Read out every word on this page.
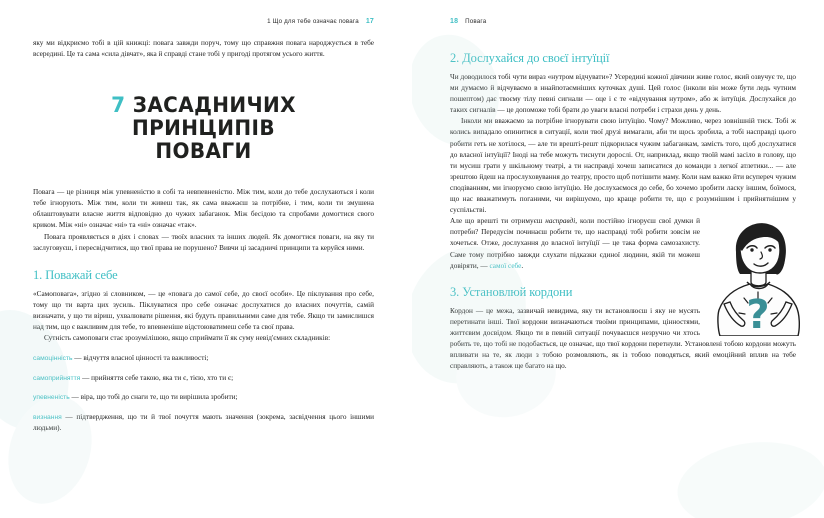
1 Що для тебе означає повага 17

яку ми відкриємо тобі в цій книжці: повага завжди поруч, тому що справжня повага народжується в тебе всередині. Це та сама «сила дівчат», яка й справді стане тобі у пригоді протягом усього життя.

7 ЗАСАДНИЧИХ ПРИНЦИПІВ
ПОВАГИ

Повага — це різниця між упевненістю в собі та невпевненістю. Між тим, коли до тебе дослухаються і коли тебе ігнорують. Між тим, коли ти живеш так, як сама вважаєш за потрібне, і тим, коли ти змушена облаштовувати власне життя відповідно до чужих забаганок. Між бесідою та спробами домогтися свого криком. Між «ні» означає «ні» та «ні» означає «так».

Повага проявляється в діях і словах — твоїх власних та інших людей. Як домогтися поваги, на яку ти заслуговуєш, і пересвідчитися, що твої права не порушено? Вивчи ці засадничі принципи та керуйся ними.

1. Поважай себе

«Самоповага», згідно зі словником, — це «повага до самої себе, до своєї особи». Це піклування про себе, тому що ти варта цих зусиль. Піклуватися про себе означає дослухатися до власних почуттів, самій визначати, у що ти віриш, ухвалювати рішення, які будуть правильними саме для тебе. Якщо ти замислишся над тим, що є важливим для тебе, то впевненіше відстоюватимеш себе та свої права.

Сутність самоповаги стає зрозумілішою, якщо сприймати її як суму невід'ємних складників:

самоцінність — відчуття власної цінності та важливості;

самоприйняття — прийняття себе такою, яка ти є, тією, хто ти є;

упевненість — віра, що тобі до снаги те, що ти вирішила зробити;

визнання — підтвердження, що ти й твої почуття мають значення (зокрема, засвідчення цього іншими людьми).

18 Повага
2. Дослухайся до своєї інтуїції

Чи доводилося тобі чути вираз «нутром відчувати»? Усередині кожної дівчини живе голос, який озвучує те, що ми думаємо й відчуваємо в ннайпотаємніших куточках душі. Цей голос (інколи він може бути ледь чутним пошептом) дає твоєму тілу певні сигнали — оце і є те «відчування нутром», або ж інтуїція. Дослухайся до таких сигналів — це допоможе тобі брати до уваги власні потреби і страхи день у день.

Інколи ми вважаємо за потрібне ігнорувати свою інтуїцію. Чому? Можливо, через зовнішній тиск. Тобі ж колись випадало опинитися в ситуації, коли твої друзі вимагали, аби ти щось зробила, а тобі насправді цього робити геть не хотілося, — але ти врешті-решт підкорилася чужим забаганкам, замість того, щоб дослухатися до власної інтуїції? Іноді на тебе можуть тиснути дорослі. От, наприклад, якщо твоїй мамі засіло в голову, що ти мусиш грати у шкільному театрі, а ти насправді хочеш записатися до команди з легкої атлетики... — але зрештою йдеш на прослуховування до театру, просто щоб потішити маму. Коли нам важко йти всупереч чужим сподіванням, ми ігноруємо свою інтуїцію. Не дослухаємося до себе, бо хочемо зробити ласку іншим, боїмося, що нас вважатимуть поганими, чи вирішуємо, що краще робити те, що є розумнішим і прийнятнішим у суспільстві.

?

Але що врешті ти отримуєш насправді, коли постійно ігноруєш свої думки й потреби? Передусім починаєш робити те, що насправді тобі робити зовсім не хочеться. Отже, дослухання до власної інтуїції — це така форма самозахисту. Саме тому потрібно завжди слухати підказки єдиної людини, якій ти можеш довіряти, — самої себе.

3. Установлюй кордони

Кордон — це межа, зазвичай невидима, яку ти встановлюєш і яку не мусять перетинати інші. Твої кордони визначаються твоїми принципами, цінностями, життєвим досвідом. Якщо ти в певній ситуації почуваєшся незручно чи хтось робить те, що тобі не подобається, це означає, що твої кордони перетнули. Установлені тобою кордони можуть впливати на те, як люди з тобою розмовляють, як із тобою поводяться, який емоційний вплив на тебе справляють, а також ще багато на що.
